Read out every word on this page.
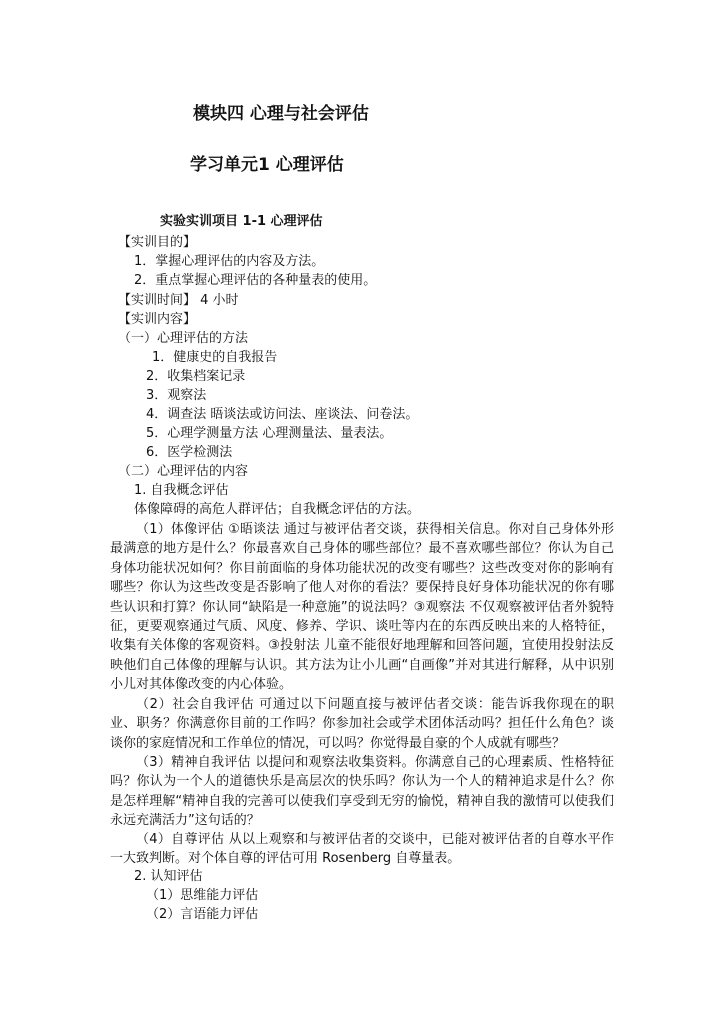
模块四 心理与社会评估
学习单元1 心理评估
实验实训项目 1-1 心理评估
【实训目的】
1．掌握心理评估的内容及方法。
2．重点掌握心理评估的各种量表的使用。
【实训时间】 4 小时
【实训内容】
（一）心理评估的方法
1．健康史的自我报告
2．收集档案记录
3．观察法
4．调查法 晤谈法或访问法、座谈法、问卷法。
5．心理学测量方法 心理测量法、量表法。
6．医学检测法
（二）心理评估的内容
1. 自我概念评估
体像障碍的高危人群评估；自我概念评估的方法。

（1）体像评估 ①晤谈法 通过与被评估者交谈，获得相关信息。你对自己身体外形最满意的地方是什么？你最喜欢自己身体的哪些部位？最不喜欢哪些部位？你认为自己身体功能状况如何？你目前面临的身体功能状况的改变有哪些？这些改变对你的影响有哪些？你认为这些改变是否影响了他人对你的看法？要保持良好身体功能状况的你有哪些认识和打算？你认同“缺陷是一种意施”的说法吗？③观察法 不仅观察被评估者外貌特征，更要观察通过气质、风度、修养、学识、谈吐等内在的东西反映出来的人格特征，收集有关体像的客观资料。③投射法 儿童不能很好地理解和回答问题，宜使用投射法反映他们自己体像的理解与认识。其方法为让小儿画“自画像”并对其进行解释，从中识别小儿对其体像改变的内心体验。

（2）社会自我评估 可通过以下问题直接与被评估者交谈：能告诉我你现在的职业、职务？你满意你目前的工作吗？你参加社会或学术团体活动吗？担任什么角色？谈谈你的家庭情况和工作单位的情况，可以吗？你觉得最自豪的个人成就有哪些？

（3）精神自我评估 以提问和观察法收集资料。你满意自己的心理素质、性格特征吗？你认为一个人的道德快乐是高层次的快乐吗？你认为一个人的精神追求是什么？你是怎样理解“精神自我的完善可以使我们享受到无穷的愉悦，精神自我的激情可以使我们永远充满活力”这句话的？

（4）自尊评估 从以上观察和与被评估者的交谈中，已能对被评估者的自尊水平作一大致判断。对个体自尊的评估可用 Rosenberg 自尊量表。

2. 认知评估
（1）思维能力评估
（2）言语能力评估
